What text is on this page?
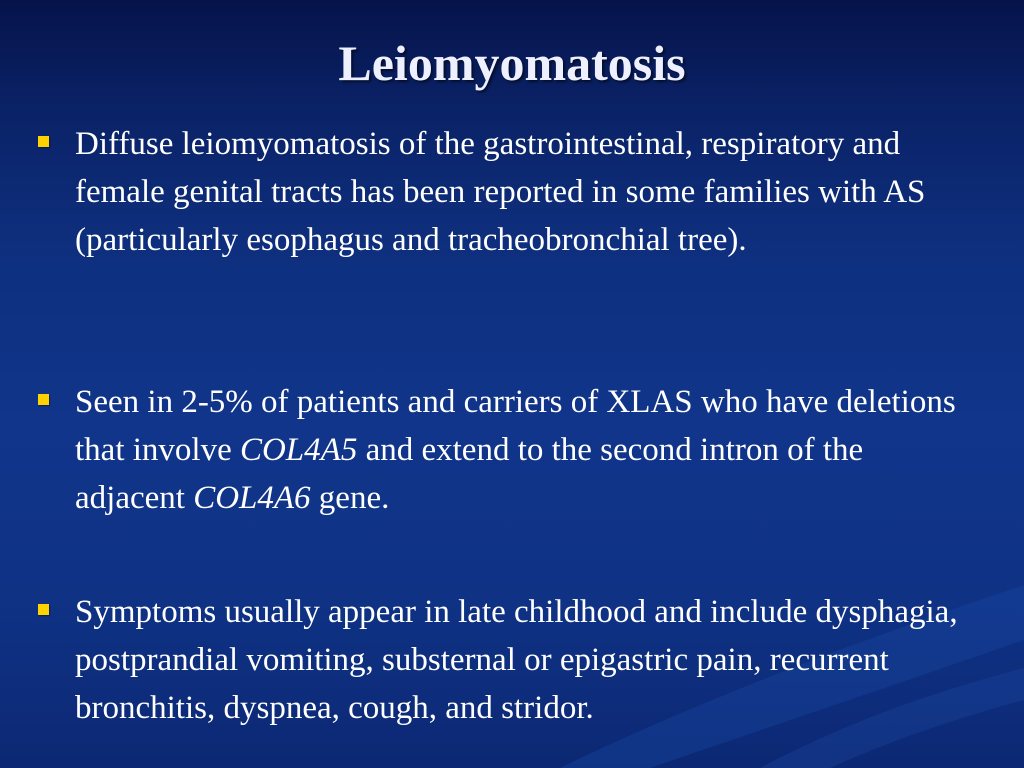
Leiomyomatosis

Diffuse leiomyomatosis of the gastrointestinal, respiratory and female genital tracts has been reported in some families with AS (particularly esophagus and tracheobronchial tree).

Seen in 2-5% of patients and carriers of XLAS who have deletions that involve COL4A5 and extend to the second intron of the adjacent COL4A6 gene.

Symptoms usually appear in late childhood and include dysphagia, postprandial vomiting, substernal or epigastric pain, recurrent bronchitis, dyspnea, cough, and stridor.
